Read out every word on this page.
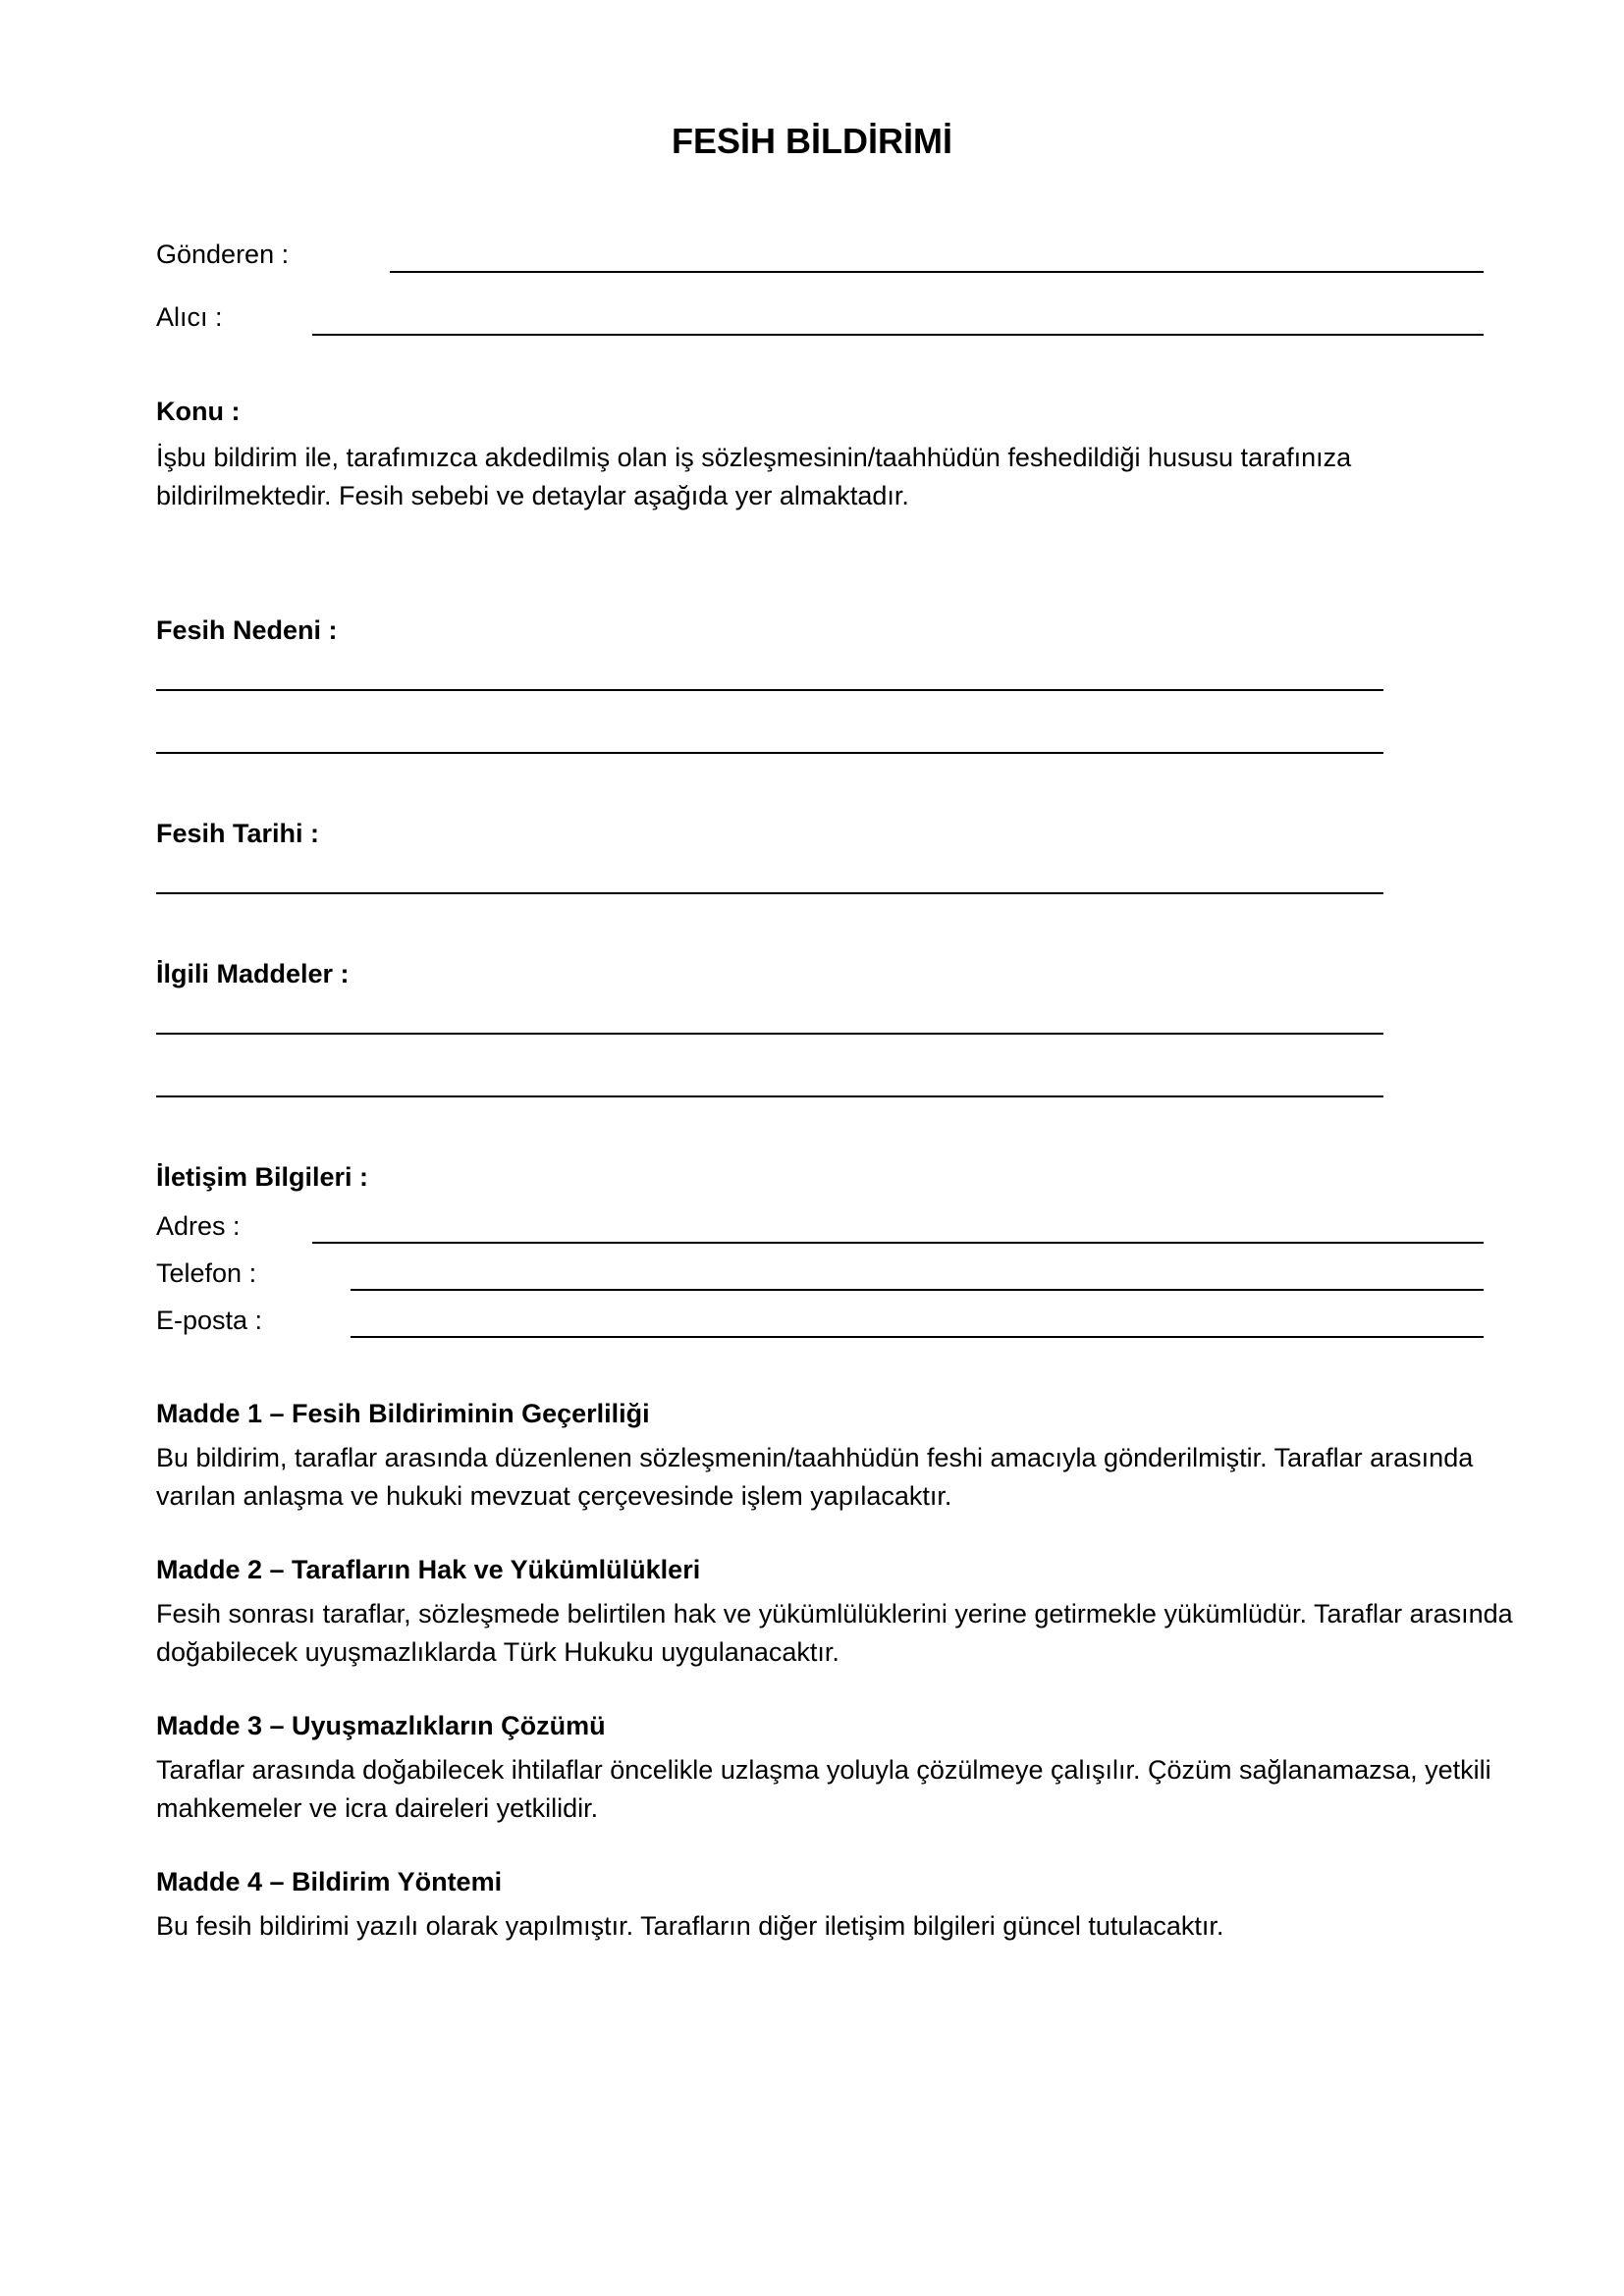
FESİH BİLDİRİMİ
Gönderen :
Alıcı :
Konu :
İşbu bildirim ile, tarafımızca akdedilmiş olan iş sözleşmesinin/taahhüdün feshedildiği hususu tarafınıza bildirilmektedir. Fesih sebebi ve detaylar aşağıda yer almaktadır.
Fesih Nedeni :
Fesih Tarihi :
İlgili Maddeler :
İletişim Bilgileri :
Adres :
Telefon :
E-posta :
Madde 1 – Fesih Bildiriminin Geçerliliği
Bu bildirim, taraflar arasında düzenlenen sözleşmenin/taahhüdün feshi amacıyla gönderilmiştir. Taraflar arasında varılan anlaşma ve hukuki mevzuat çerçevesinde işlem yapılacaktır.
Madde 2 – Tarafların Hak ve Yükümlülükleri
Fesih sonrası taraflar, sözleşmede belirtilen hak ve yükümlülüklerini yerine getirmekle yükümlüdür. Taraflar arasında doğabilecek uyuşmazlıklarda Türk Hukuku uygulanacaktır.
Madde 3 – Uyuşmazlıkların Çözümü
Taraflar arasında doğabilecek ihtilaflar öncelikle uzlaşma yoluyla çözülmeye çalışılır. Çözüm sağlanamazsa, yetkili mahkemeler ve icra daireleri yetkilidir.
Madde 4 – Bildirim Yöntemi
Bu fesih bildirimi yazılı olarak yapılmıştır. Tarafların diğer iletişim bilgileri güncel tutulacaktır.
